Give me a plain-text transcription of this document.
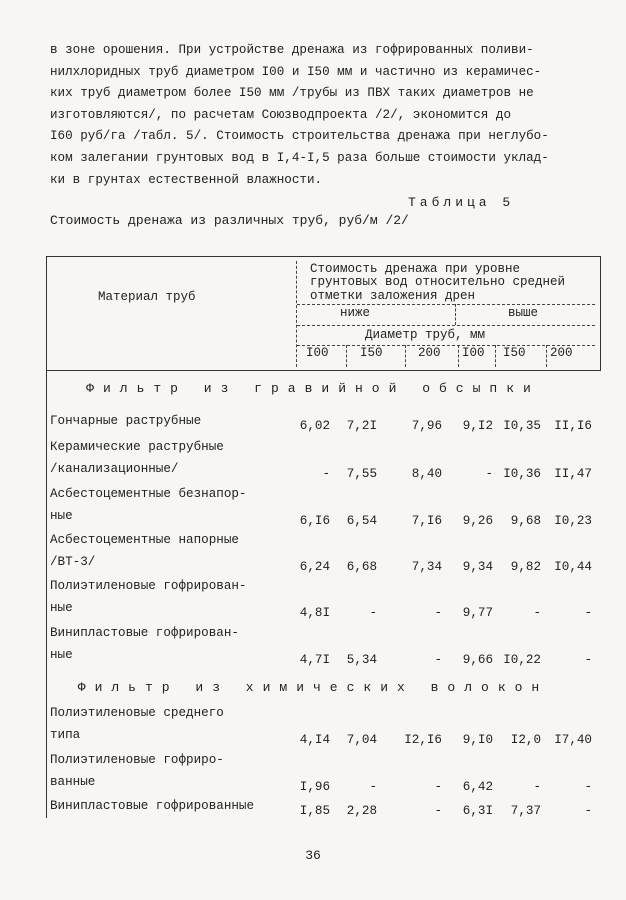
в зоне орошения. При устройстве дренажа из гофрированных поливи-
нилхлоридных труб диаметром I00 и I50 мм и частично из керамичес-
ких труб диаметром более I50 мм /трубы из ПВХ таких диаметров не
изготовляются/, по расчетам Союзводпроекта /2/, экономится до
I60 руб/га /табл. 5/. Стоимость строительства дренажа при неглубо-
ком залегании грунтовых вод в I,4-I,5 раза больше стоимости уклад-
ки в грунтах естественной влажности.
Таблица 5
Стоимость дренажа из различных труб, руб/м /2/
Стоимость дренажа при уровне грунтовых вод относительно средней отметки заложения дрен
Материал труб
ниже	выше
Диаметр труб, мм
I00	I50	200 I00 I50 200
Фильтр из гравийной обсыпки
Гончарные раструбные	6,02 7,2I	7,96 9,I2 I0,35 II,I6
Керамические раструбные
/канализационные/	- 7,55	8,40	- I0,36 II,47
Асбестоцементные безнапор-
ные	6,I6 6,54	7,I6 9,26 9,68 I0,23
Асбестоцементные напорные
/ВТ-3/	6,24 6,68	7,34 9,34 9,82 I0,44
Полиэтиленовые гофрирован-
ные	4,8I	-	- 9,77	-	-
Винипластовые гофрирован-
ные	4,7I 5,34	- 9,66 I0,22	-
Фильтр из химических волокон
Полиэтиленовые среднего
типа	4,I4 7,04 I2,I6 9,I0 I2,0 I7,40
Полиэтиленовые гофриро-
ванные	I,96	-	- 6,42	-	-
Винипластовые гофрированные	I,85 2,28	- 6,3I 7,37	-
36
